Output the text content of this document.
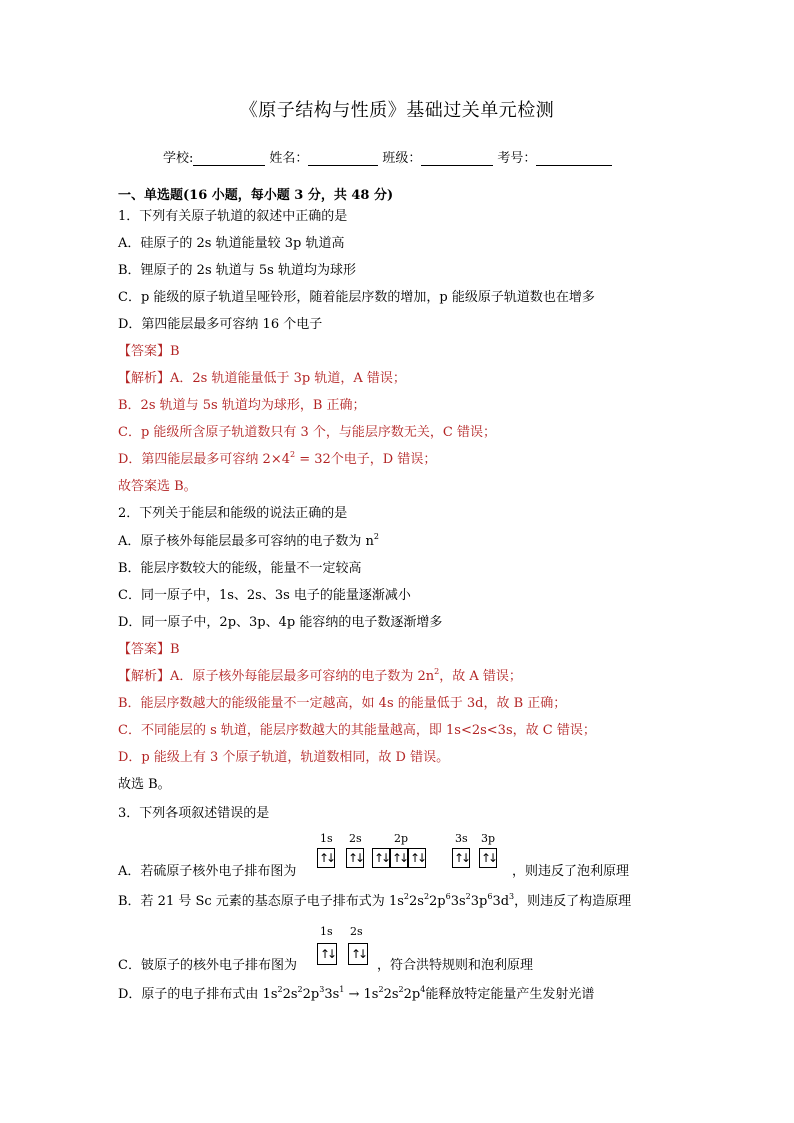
《原子结构与性质》基础过关单元检测
学校:	姓名：	班级：	考号：
一、单选题(16 小题，每小题 3 分，共 48 分)
1．下列有关原子轨道的叙述中正确的是
A．硅原子的 2s 轨道能量较 3p 轨道高
B．锂原子的 2s 轨道与 5s 轨道均为球形
C．p 能级的原子轨道呈哑铃形，随着能层序数的增加，p 能级原子轨道数也在增多
D．第四能层最多可容纳 16 个电子
【答案】B
【解析】A．2s 轨道能量低于 3p 轨道，A 错误；
B．2s 轨道与 5s 轨道均为球形，B 正确；
C．p 能级所含原子轨道数只有 3 个，与能层序数无关，C 错误；
D．第四能层最多可容纳 $2\times 4^2 = 32$个电子，D 错误；
故答案选 B。
2．下列关于能层和能级的说法正确的是
A．原子核外每能层最多可容纳的电子数为 $n^2$
B．能层序数较大的能级，能量不一定较高
C．同一原子中，1s、2s、3s 电子的能量逐渐减小
D．同一原子中，2p、3p、4p 能容纳的电子数逐渐增多
【答案】B
【解析】A．原子核外每能层最多可容纳的电子数为 $2n^2$，故 A 错误；
B．能层序数越大的能级能量不一定越高，如 4s 的能量低于 3d，故 B 正确；
C．不同能层的 s 轨道，能层序数越大的其能量越高，即 1s<2s<3s，故 C 错误；
D．p 能级上有 3 个原子轨道，轨道数相同，故 D 错误。
故选 B。
3．下列各项叙述错误的是
A．若硫原子核外电子排布图为
1s 2s	2p	3s 3p
↑↓ ↑↓ ↑↓ ↑↓ ↑↓ ↑↓ ↑↓
，则违反了泡利原理
B．若 21 号 Sc 元素的基态原子电子排布式为 $1s^22s^22p^63s^23p^63d^3$，则违反了构造原理
C．铍原子的核外电子排布图为
1s 2s
↑↓ ↑↓
，符合洪特规则和泡利原理
D．原子的电子排布式由 $1s^22s^22p^33s^1 \to 1s^22s^22p^4$能释放特定能量产生发射光谱
